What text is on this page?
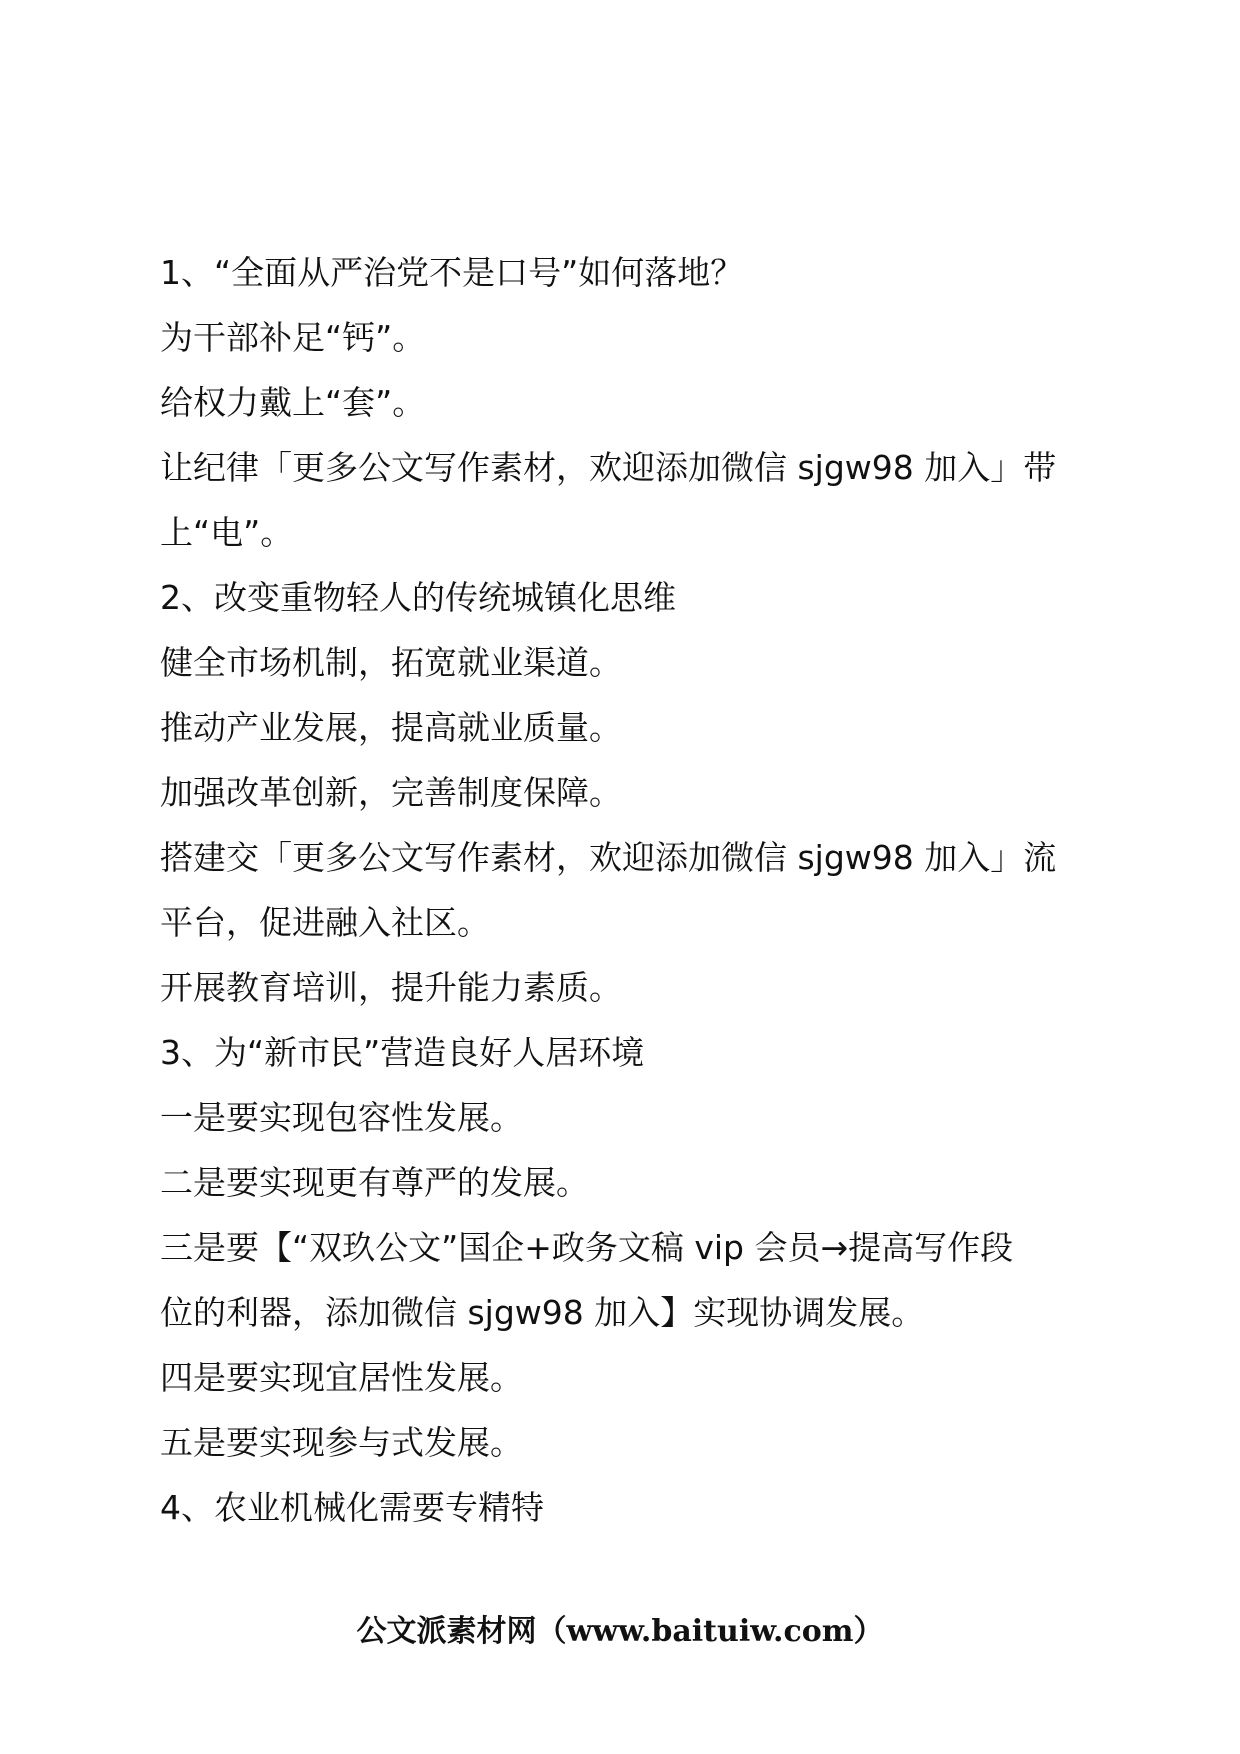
1、“全面从严治党不是口号”如何落地？
为干部补足“钙”。
给权力戴上“套”。
让纪律「更多公文写作素材，欢迎添加微信 sjgw98 加入」带
上“电”。
2、改变重物轻人的传统城镇化思维
健全市场机制，拓宽就业渠道。
推动产业发展，提高就业质量。
加强改革创新，完善制度保障。
搭建交「更多公文写作素材，欢迎添加微信 sjgw98 加入」流
平台，促进融入社区。
开展教育培训，提升能力素质。
3、为“新市民”营造良好人居环境
一是要实现包容性发展。
二是要实现更有尊严的发展。
三是要【“双玖公文”国企+政务文稿 vip 会员→提高写作段
位的利器，添加微信 sjgw98 加入】实现协调发展。
四是要实现宜居性发展。
五是要实现参与式发展。
4、农业机械化需要专精特
公文派素材网（www.baituiw.com）
